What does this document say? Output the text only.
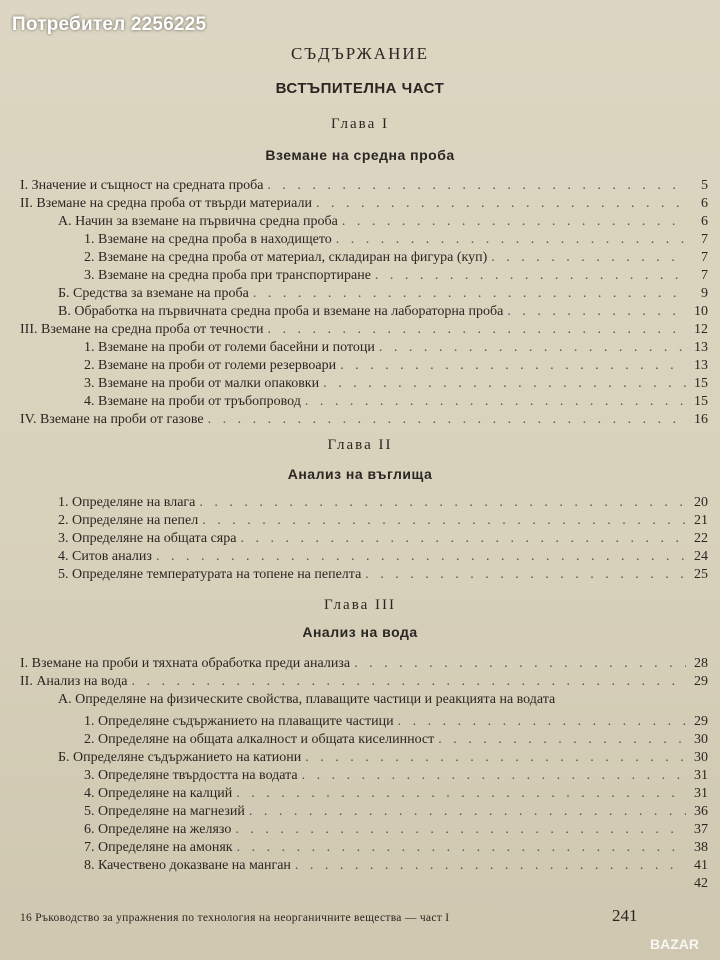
Потребител 2256225
СЪДЪРЖАНИЕ
ВСТЪПИТЕЛНА ЧАСТ
Глава I
Вземане на средна проба
I. Значение и същност на средната проба . . .	5
II. Вземане на средна проба от твърди материали . . .	6
А. Начин за вземане на първична средна проба . . .	6
1. Вземане на средна проба в находището . . .	7
2. Вземане на средна проба от материал, складиран на фигура (куп) . . .	7
3. Вземане на средна проба при транспортиране . . .	7
Б. Средства за вземане на проба . . .	9
В. Обработка на първичната средна проба и вземане на лабораторна проба . . .	10
III. Вземане на средна проба от течности . . .	12
1. Вземане на проби от големи басейни и потоци . . .	13
2. Вземане на проби от големи резервоари . . .	13
3. Вземане на проби от малки опаковки . . .	15
4. Вземане на проби от тръбопровод . . .	15
IV. Вземане на проби от газове . . .	16
Глава II
Анализ на въглища
1. Определяне на влага . . .	20
2. Определяне на пепел . . .	21
3. Определяне на общата сяра . . .	22
4. Ситов анализ . . .	24
5. Определяне температурата на топене на пепелта . . .	25
Глава III
Анализ на вода
I. Вземане на проби и тяхната обработка преди анализа . . .	28
II. Анализ на вода . . .	29
А. Определяне на физическите свойства, плаващите частици и реакцията на водата
1. Определяне съдържанието на плаващите частици . . .	29
2. Определяне на общата алкалност и общата киселинност . . .	30
Б. Определяне съдържанието на катиони . . .	30
3. Определяне твърдостта на водата . . .	31
4. Определяне на калций . . .	31
5. Определяне на магнезий . . .	36
6. Определяне на желязо . . .	37
7. Определяне на амоняк . . .	38
8. Качествено доказване на манган . . .	41
42
16 Ръководство за упражнения по технология на неорганичните вещества — част I	241
BAZAR
